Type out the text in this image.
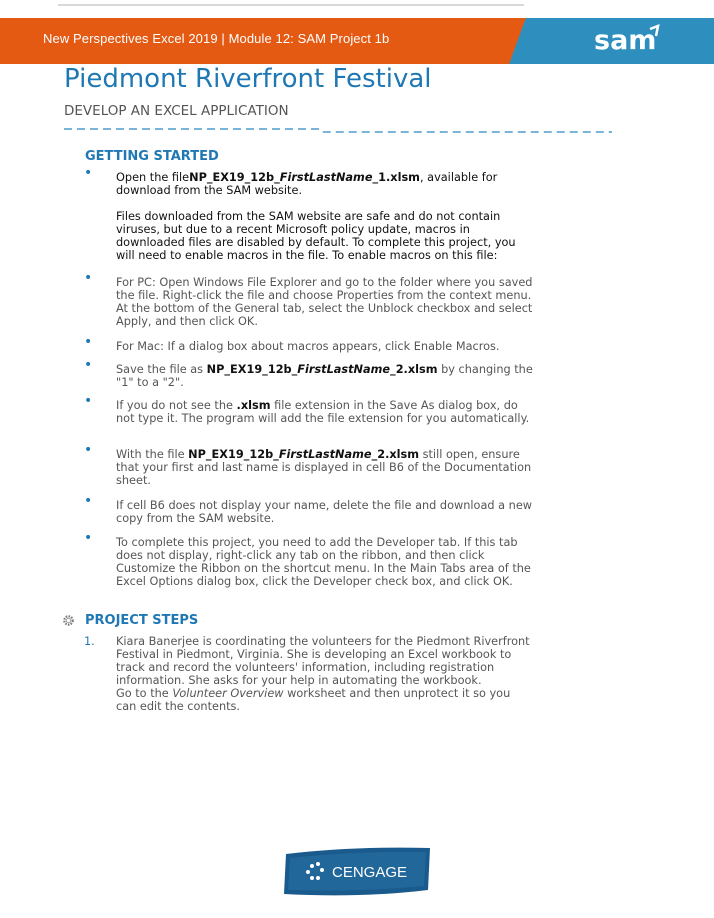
New Perspectives Excel 2019 | Module 12: SAM Project 1b	sam
Piedmont Riverfront Festival
DEVELOP AN EXCEL APPLICATION
GETTING STARTED
• Open the fileNP_EX19_12b_FirstLastName_1.xlsm, available for download from the SAM website.
Files downloaded from the SAM website are safe and do not contain viruses, but due to a recent Microsoft policy update, macros in downloaded files are disabled by default. To complete this project, you will need to enable macros in the file. To enable macros on this file:
• For PC: Open Windows File Explorer and go to the folder where you saved the file. Right-click the file and choose Properties from the context menu. At the bottom of the General tab, select the Unblock checkbox and select Apply, and then click OK.
• For Mac: If a dialog box about macros appears, click Enable Macros.
• Save the file as NP_EX19_12b_FirstLastName_2.xlsm by changing the "1" to a "2".
• If you do not see the .xlsm file extension in the Save As dialog box, do not type it. The program will add the file extension for you automatically.
• With the file NP_EX19_12b_FirstLastName_2.xlsm still open, ensure that your first and last name is displayed in cell B6 of the Documentation sheet.
• If cell B6 does not display your name, delete the file and download a new copy from the SAM website.
• To complete this project, you need to add the Developer tab. If this tab does not display, right-click any tab on the ribbon, and then click Customize the Ribbon on the shortcut menu. In the Main Tabs area of the Excel Options dialog box, click the Developer check box, and click OK.
PROJECT STEPS
1. Kiara Banerjee is coordinating the volunteers for the Piedmont Riverfront Festival in Piedmont, Virginia. She is developing an Excel workbook to track and record the volunteers' information, including registration information. She asks for your help in automating the workbook.
Go to the Volunteer Overview worksheet and then unprotect it so you can edit the contents.
CENGAGE
